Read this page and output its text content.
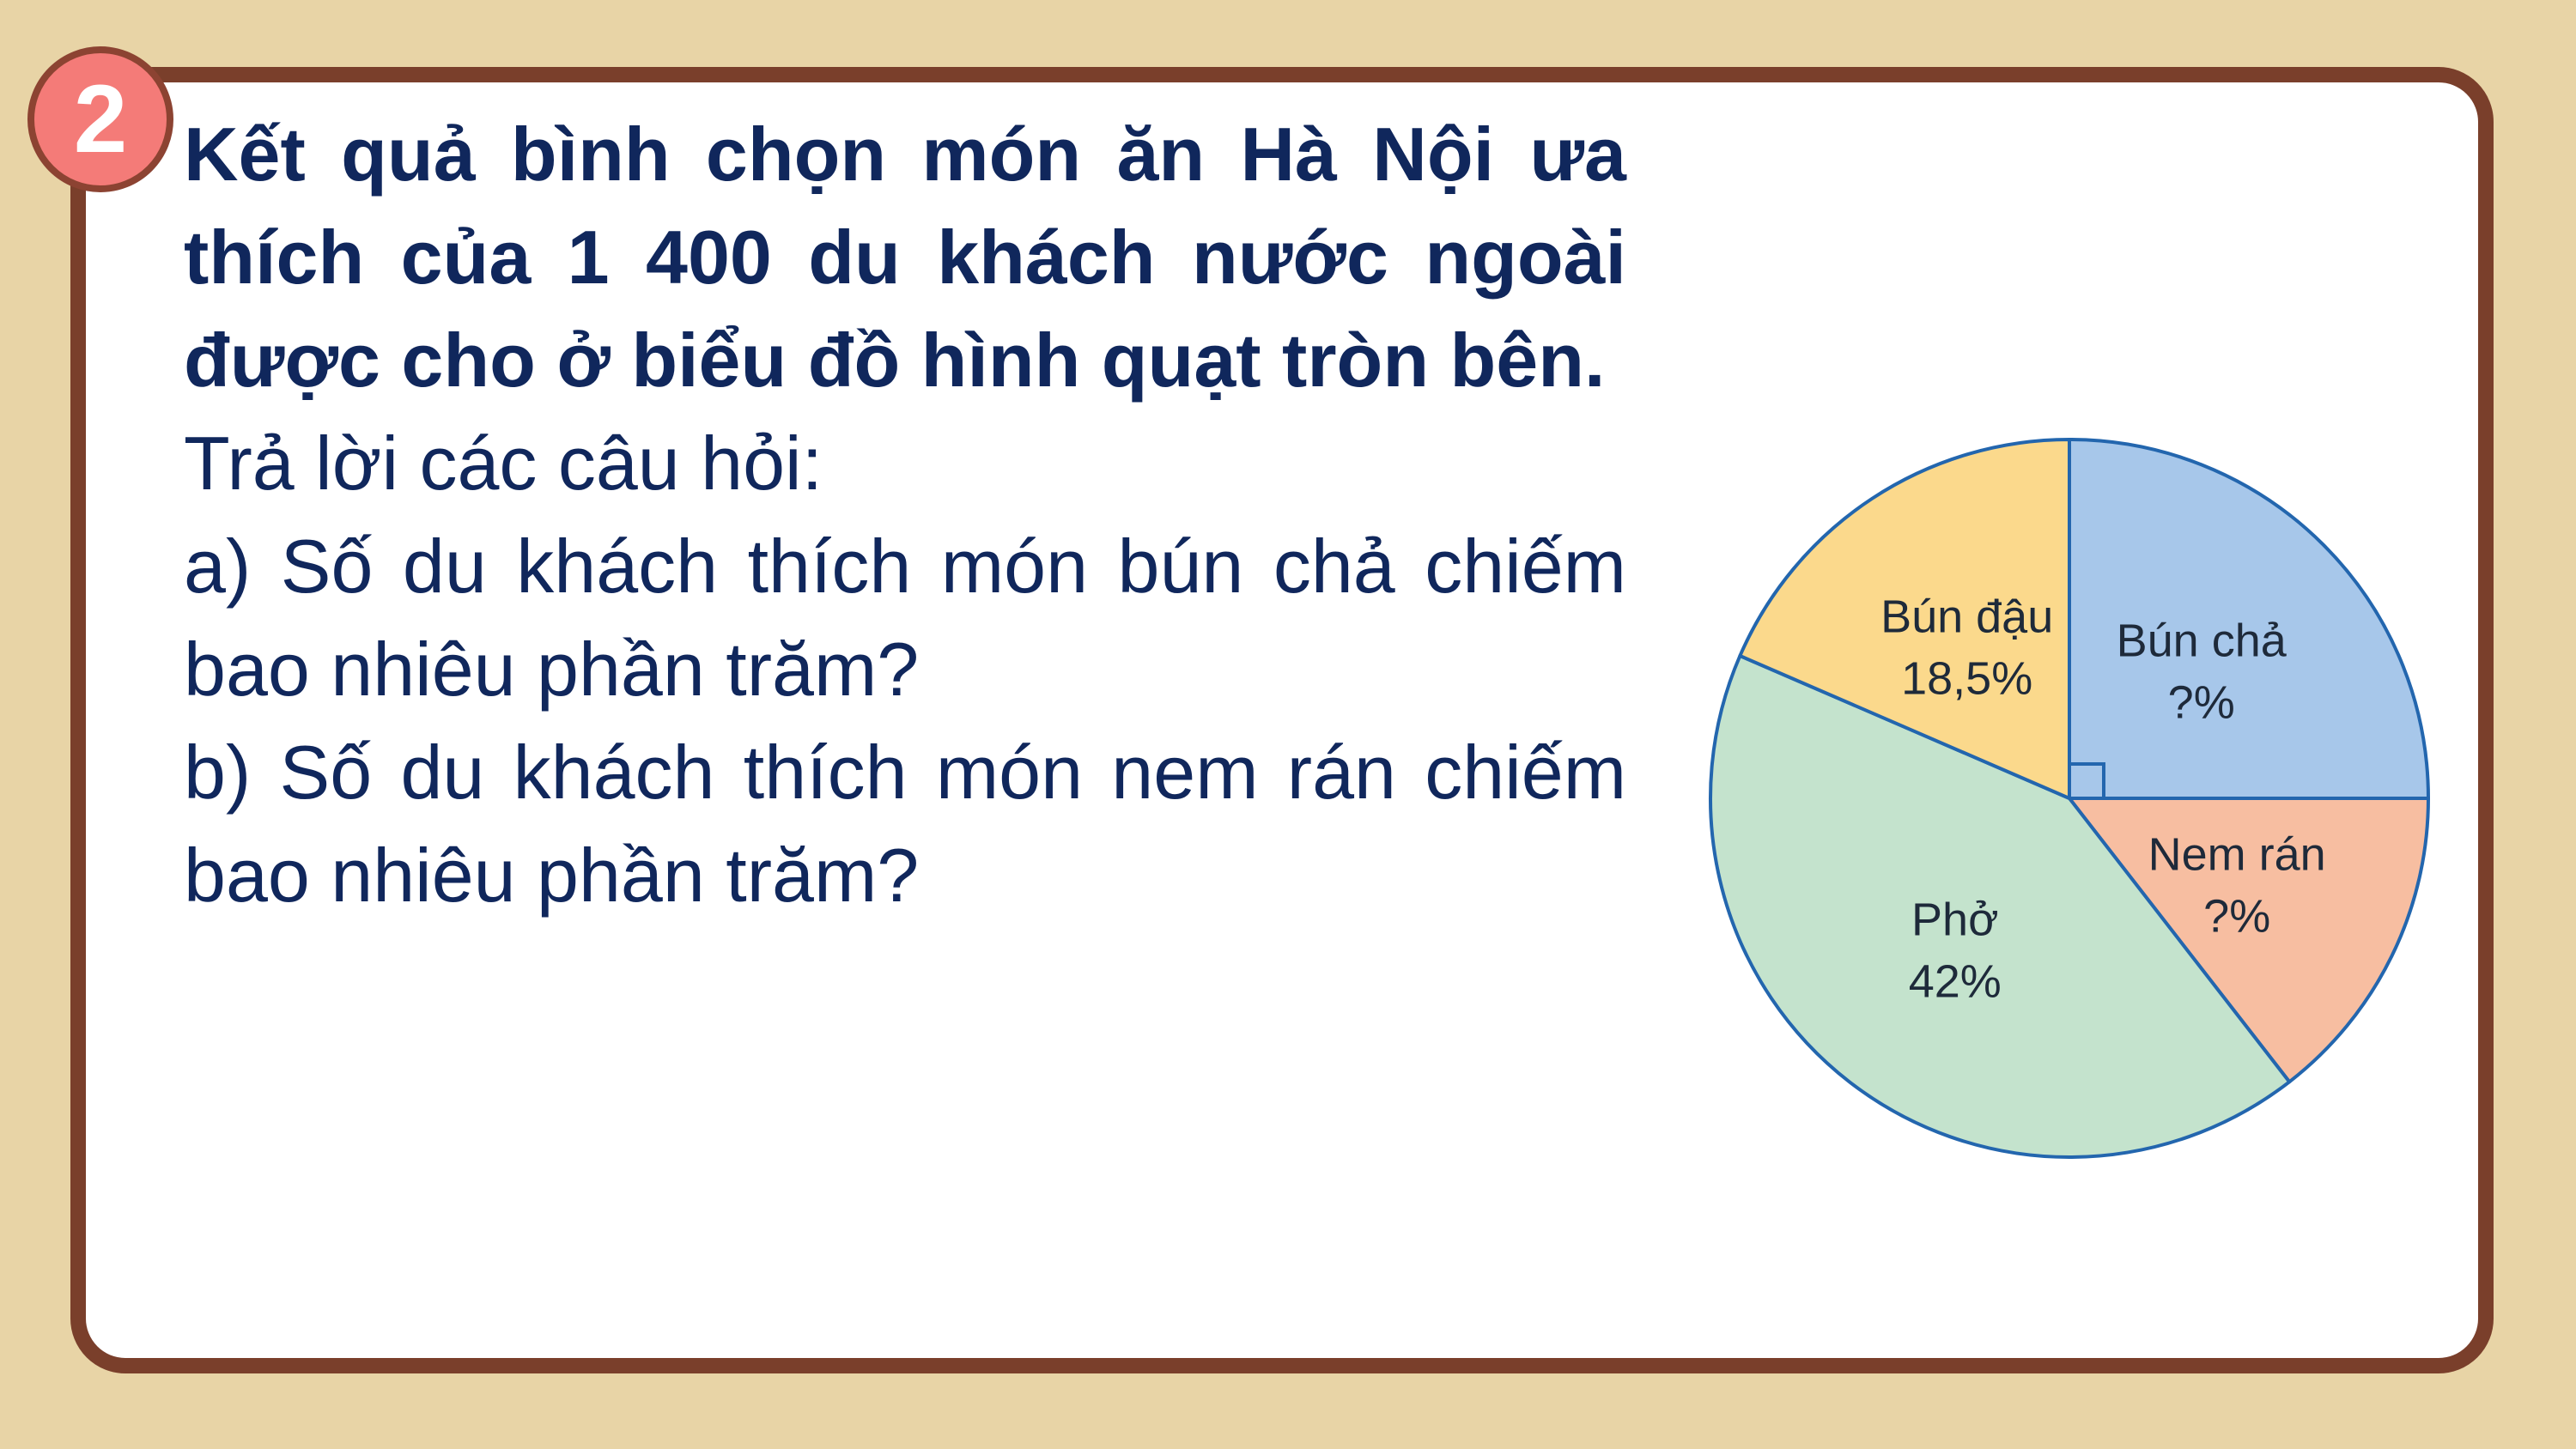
2 Kết quả bình chọn món ăn Hà Nội ưa thích của 1 400 du khách nước ngoài được cho ở biểu đồ hình quạt tròn bên.

Trả lời các câu hỏi:

a) Số du khách thích món bún chả chiếm bao nhiêu phần trăm?

b) Số du khách thích món nem rán chiếm bao nhiêu phần trăm?

Bún chả
?%
Nem rán
?%
Phở
42%
Bún đậu
18,5%
